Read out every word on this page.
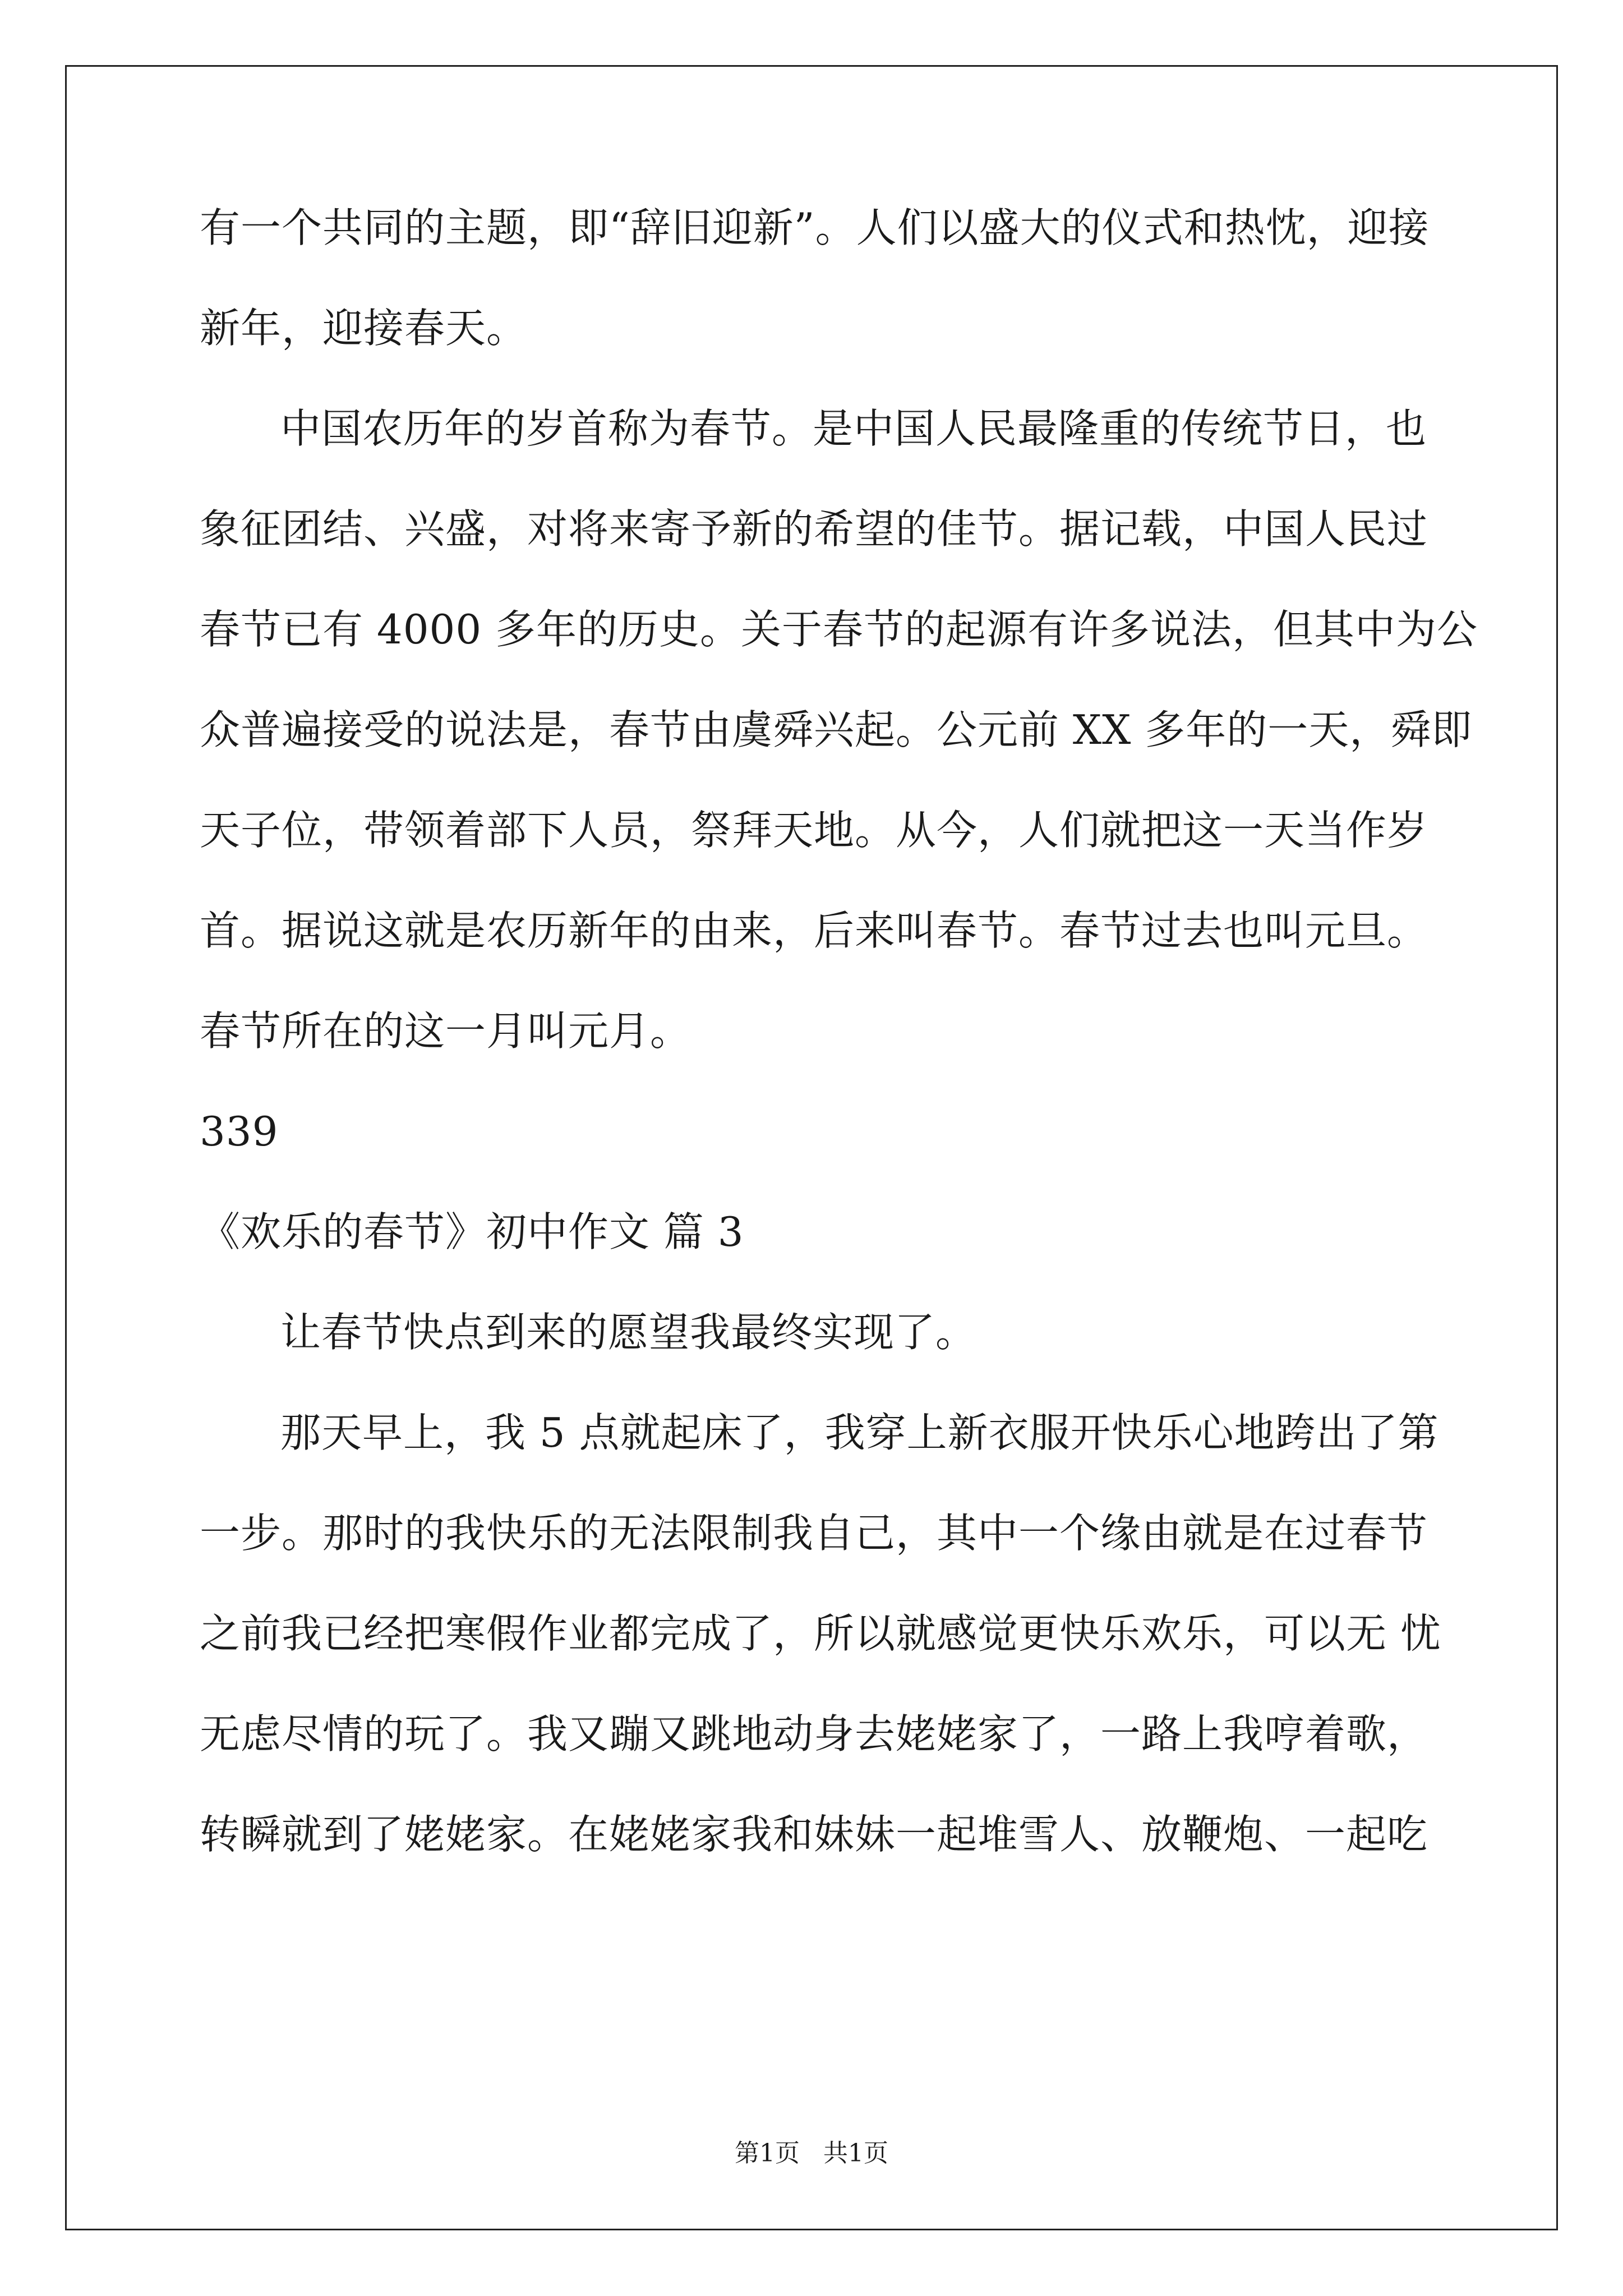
有一个共同的主题，即“辞旧迎新”。人们以盛大的仪式和热忱，迎接
新年，迎接春天。
中国农历年的岁首称为春节。是中国人民最隆重的传统节日，也
象征团结、兴盛，对将来寄予新的希望的佳节。据记载，中国人民过
春节已有 4000 多年的历史。关于春节的起源有许多说法，但其中为公
众普遍接受的说法是，春节由虞舜兴起。公元前 XX 多年的一天，舜即
天子位，带领着部下人员，祭拜天地。从今，人们就把这一天当作岁
首。据说这就是农历新年的由来，后来叫春节。春节过去也叫元旦。
春节所在的这一月叫元月。
339
《欢乐的春节》初中作文 篇 3
让春节快点到来的愿望我最终实现了。
那天早上，我 5 点就起床了，我穿上新衣服开快乐心地跨出了第
一步。那时的我快乐的无法限制我自己，其中一个缘由就是在过春节
之前我已经把寒假作业都完成了，所以就感觉更快乐欢乐，可以无 忧
无虑尽情的玩了。我又蹦又跳地动身去姥姥家了，一路上我哼着歌，
转瞬就到了姥姥家。在姥姥家我和妹妹一起堆雪人、放鞭炮、一起吃
第1页   共1页
